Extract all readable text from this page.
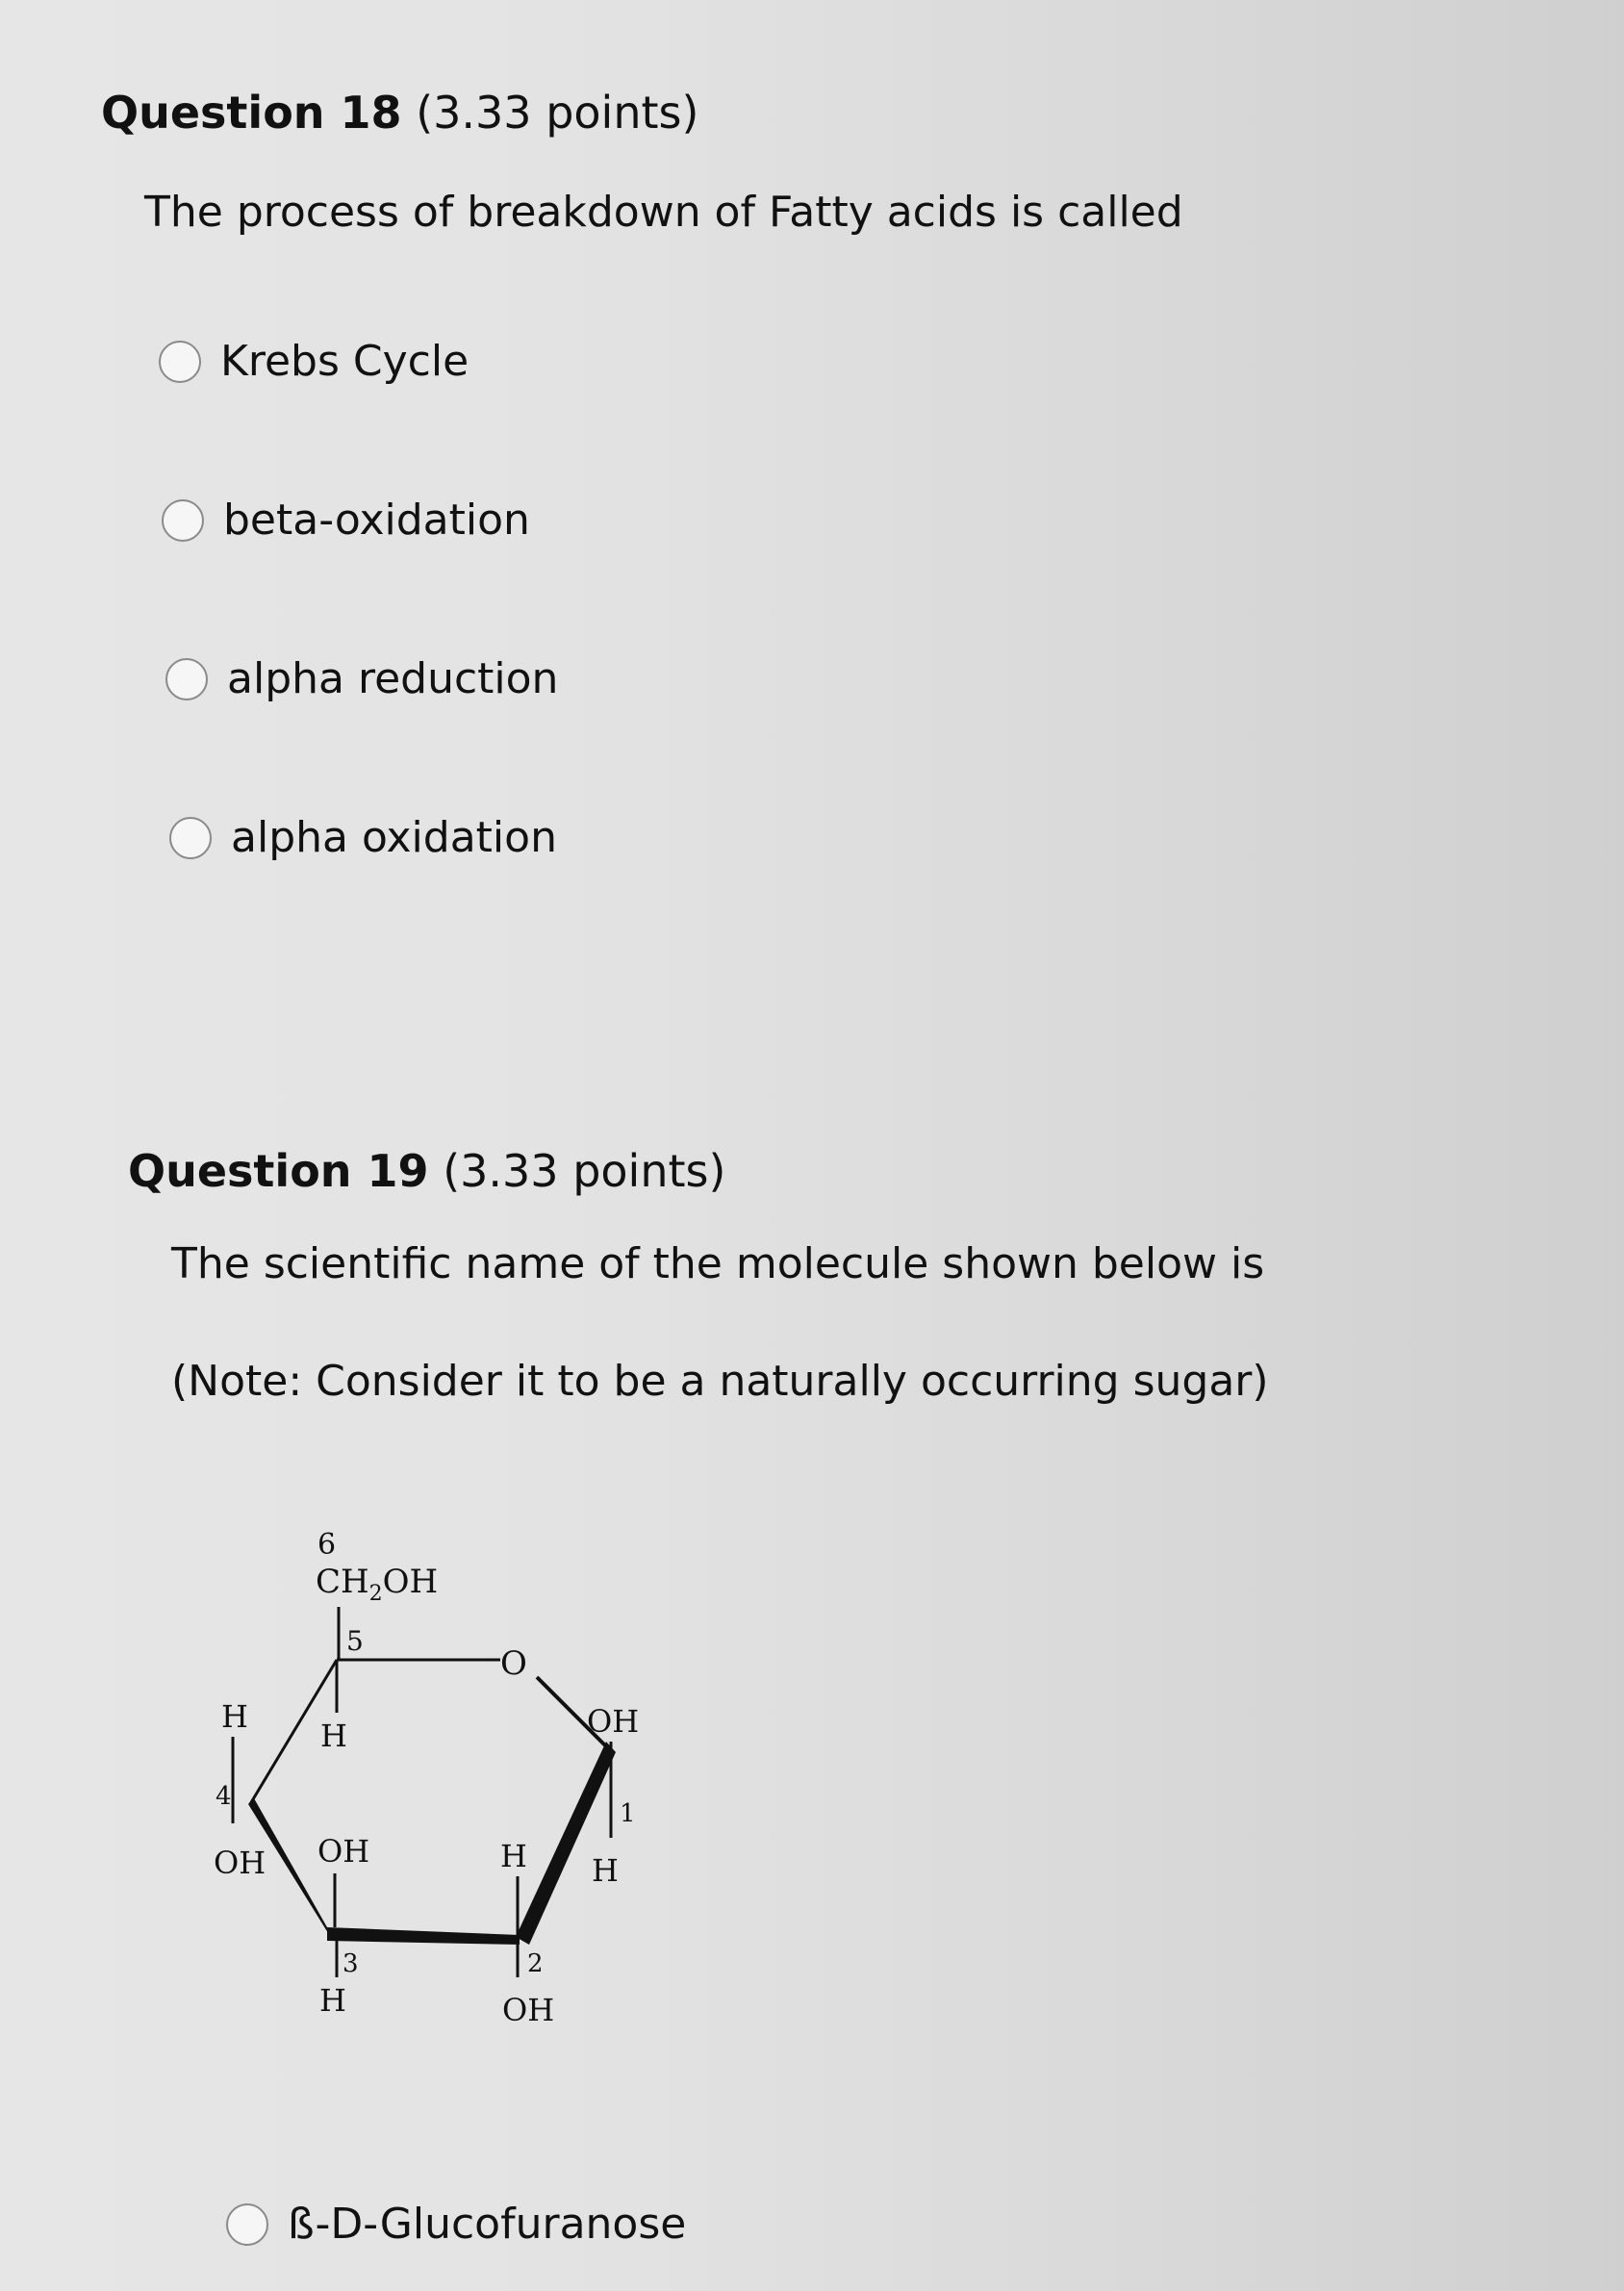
Question 18 (3.33 points)
The process of breakdown of Fatty acids is called
Krebs Cycle
beta-oxidation
alpha reduction
alpha oxidation
Question 19 (3.33 points)
The scientific name of the molecule shown below is
(Note: Consider it to be a naturally occurring sugar)
6
$CH_2OH$
5
O
H
4
OH
H	OH
1
H
OH
3
H
H
2
OH
ß-D-Glucofuranose
